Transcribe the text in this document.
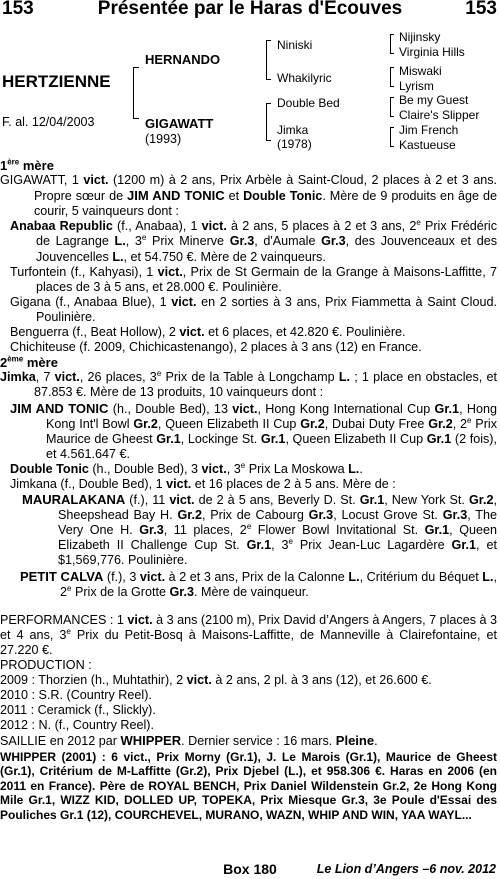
Présentée par le Haras d'Ecouves
153	153
HERTZIENNE
F. al. 12/04/2003
HERNANDO
GIGAWATT
(1993)
Niniski
Whakilyric
Double Bed
Jimka
(1978)
Nijinsky
Virginia Hills
Miswaki
Lyrism
Be my Guest
Claire's Slipper
Jim French
Kastueuse
1ère mère

GIGAWATT, 1 vict. (1200 m) à 2 ans, Prix Arbèle à Saint-Cloud, 2 places à 2 et 3 ans. Propre sœur de JIM AND TONIC et Double Tonic. Mère de 9 produits en âge de courir, 5 vainqueurs dont :

Anabaa Republic (f., Anabaa), 1 vict. à 2 ans, 5 places à 2 et 3 ans, 2e Prix Frédéric de Lagrange L., 3e Prix Minerve Gr.3, d'Aumale Gr.3, des Jouvenceaux et des Jouvencelles L., et 54.750 €. Mère de 2 vainqueurs.

Turfontein (f., Kahyasi), 1 vict., Prix de St Germain de la Grange à Maisons-Laffitte, 7 places de 3 à 5 ans, et 28.000 €. Poulinière.

Gigana (f., Anabaa Blue), 1 vict. en 2 sorties à 3 ans, Prix Fiammetta à Saint Cloud. Poulinière.

Benguerra (f., Beat Hollow), 2 vict. et 6 places, et 42.820 €. Poulinière.

Chichiteuse (f. 2009, Chichicastenango), 2 places à 3 ans (12) en France.

2ème mère

Jimka, 7 vict., 26 places, 3e Prix de la Table à Longchamp L. ; 1 place en obstacles, et 87.853 €. Mère de 13 produits, 10 vainqueurs dont :

JIM AND TONIC (h., Double Bed), 13 vict., Hong Kong International Cup Gr.1, Hong Kong Int'l Bowl Gr.2, Queen Elizabeth II Cup Gr.2, Dubai Duty Free Gr.2, 2e Prix Maurice de Gheest Gr.1, Lockinge St. Gr.1, Queen Elizabeth II Cup Gr.1 (2 fois), et 4.561.647 €.

Double Tonic (h., Double Bed), 3 vict., 3e Prix La Moskowa L..

Jimkana (f., Double Bed), 1 vict. et 16 places de 2 à 5 ans. Mère de :

MAURALAKANA (f.), 11 vict. de 2 à 5 ans, Beverly D. St. Gr.1, New York St. Gr.2, Sheepshead Bay H. Gr.2, Prix de Cabourg Gr.3, Locust Grove St. Gr.3, The Very One H. Gr.3, 11 places, 2e Flower Bowl Invitational St. Gr.1, Queen Elizabeth II Challenge Cup St. Gr.1, 3e Prix Jean-Luc Lagardère Gr.1, et $1,569,776. Poulinière.

PETIT CALVA (f.), 3 vict. à 2 et 3 ans, Prix de la Calonne L., Critérium du Béquet L., 2e Prix de la Grotte Gr.3. Mère de vainqueur.

PERFORMANCES : 1 vict. à 3 ans (2100 m), Prix David d’Angers à Angers, 7 places à 3 et 4 ans, 3e Prix du Petit-Bosq à Maisons-Laffitte, de Manneville à Clairefontaine, et 27.220 €.

PRODUCTION :

2009 : Thorzien (h., Muhtathir), 2 vict. à 2 ans, 2 pl. à 3 ans (12), et 26.600 €.

2010 : S.R. (Country Reel).

2011 : Ceramick (f., Slickly).

2012 : N. (f., Country Reel).

SAILLIE en 2012 par WHIPPER. Dernier service : 16 mars. Pleine.

WHIPPER (2001) : 6 vict., Prix Morny (Gr.1), J. Le Marois (Gr.1), Maurice de Gheest (Gr.1), Critérium de M-Laffitte (Gr.2), Prix Djebel (L.), et 958.306 €. Haras en 2006 (en 2011 en France). Père de ROYAL BENCH, Prix Daniel Wildenstein Gr.2, 2e Hong Kong Mile Gr.1, WIZZ KID, DOLLED UP, TOPEKA, Prix Miesque Gr.3, 3e Poule d'Essai des Pouliches Gr.1 (12), COURCHEVEL, MURANO, WAZN, WHIP AND WIN, YAA WAYL...

Box 180	Le Lion d’Angers –6 nov. 2012
